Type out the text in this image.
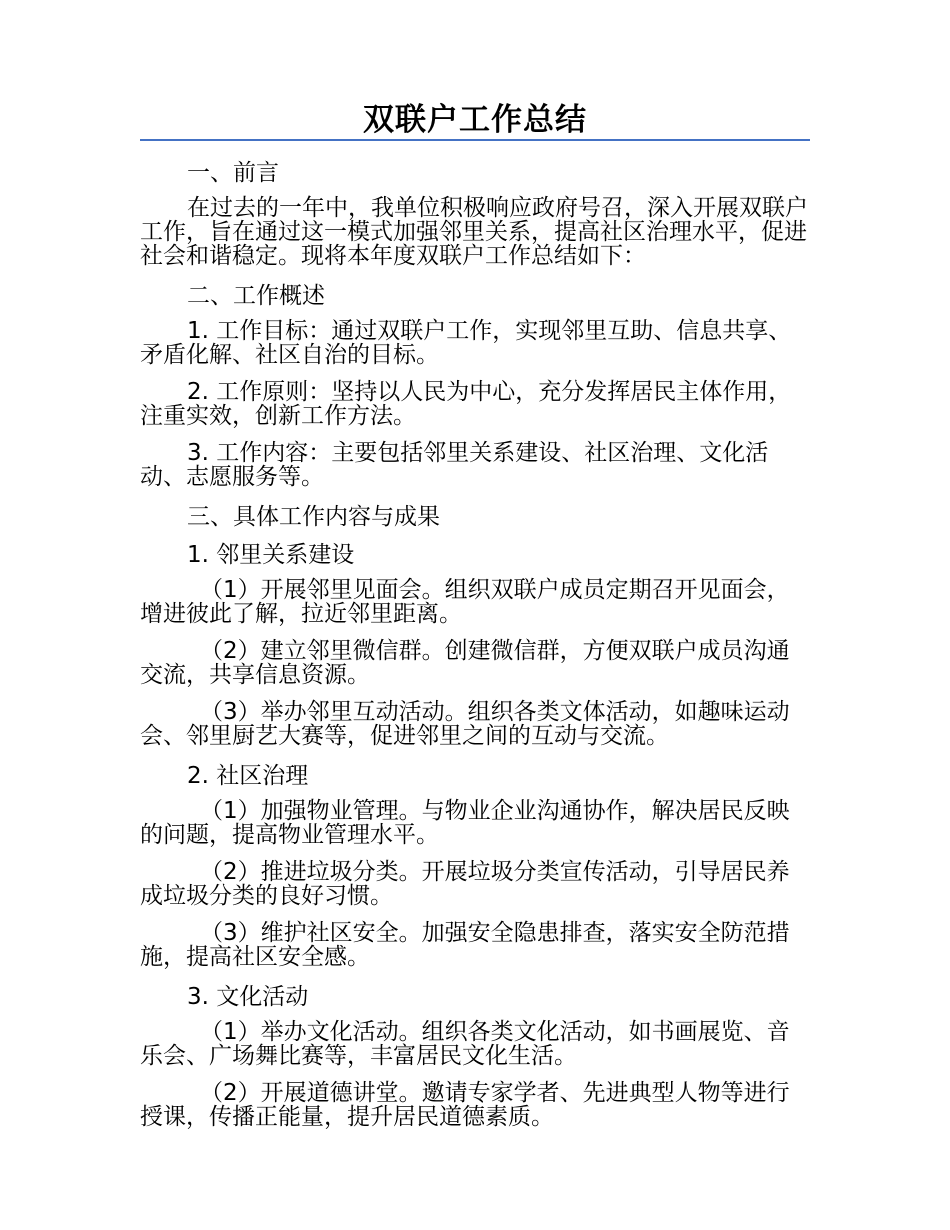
双联户工作总结
一、前言
在过去的一年中，我单位积极响应政府号召，深入开展双联户工作，旨在通过这一模式加强邻里关系，提高社区治理水平，促进社会和谐稳定。现将本年度双联户工作总结如下：
二、工作概述
1. 工作目标：通过双联户工作，实现邻里互助、信息共享、矛盾化解、社区自治的目标。
2. 工作原则：坚持以人民为中心，充分发挥居民主体作用，注重实效，创新工作方法。
3. 工作内容：主要包括邻里关系建设、社区治理、文化活动、志愿服务等。
三、具体工作内容与成果
1. 邻里关系建设
（1）开展邻里见面会。组织双联户成员定期召开见面会，增进彼此了解，拉近邻里距离。
（2）建立邻里微信群。创建微信群，方便双联户成员沟通交流，共享信息资源。
（3）举办邻里互动活动。组织各类文体活动，如趣味运动会、邻里厨艺大赛等，促进邻里之间的互动与交流。
2. 社区治理
（1）加强物业管理。与物业企业沟通协作，解决居民反映的问题，提高物业管理水平。
（2）推进垃圾分类。开展垃圾分类宣传活动，引导居民养成垃圾分类的良好习惯。
（3）维护社区安全。加强安全隐患排查，落实安全防范措施，提高社区安全感。
3. 文化活动
（1）举办文化活动。组织各类文化活动，如书画展览、音乐会、广场舞比赛等，丰富居民文化生活。
（2）开展道德讲堂。邀请专家学者、先进典型人物等进行授课，传播正能量，提升居民道德素质。
